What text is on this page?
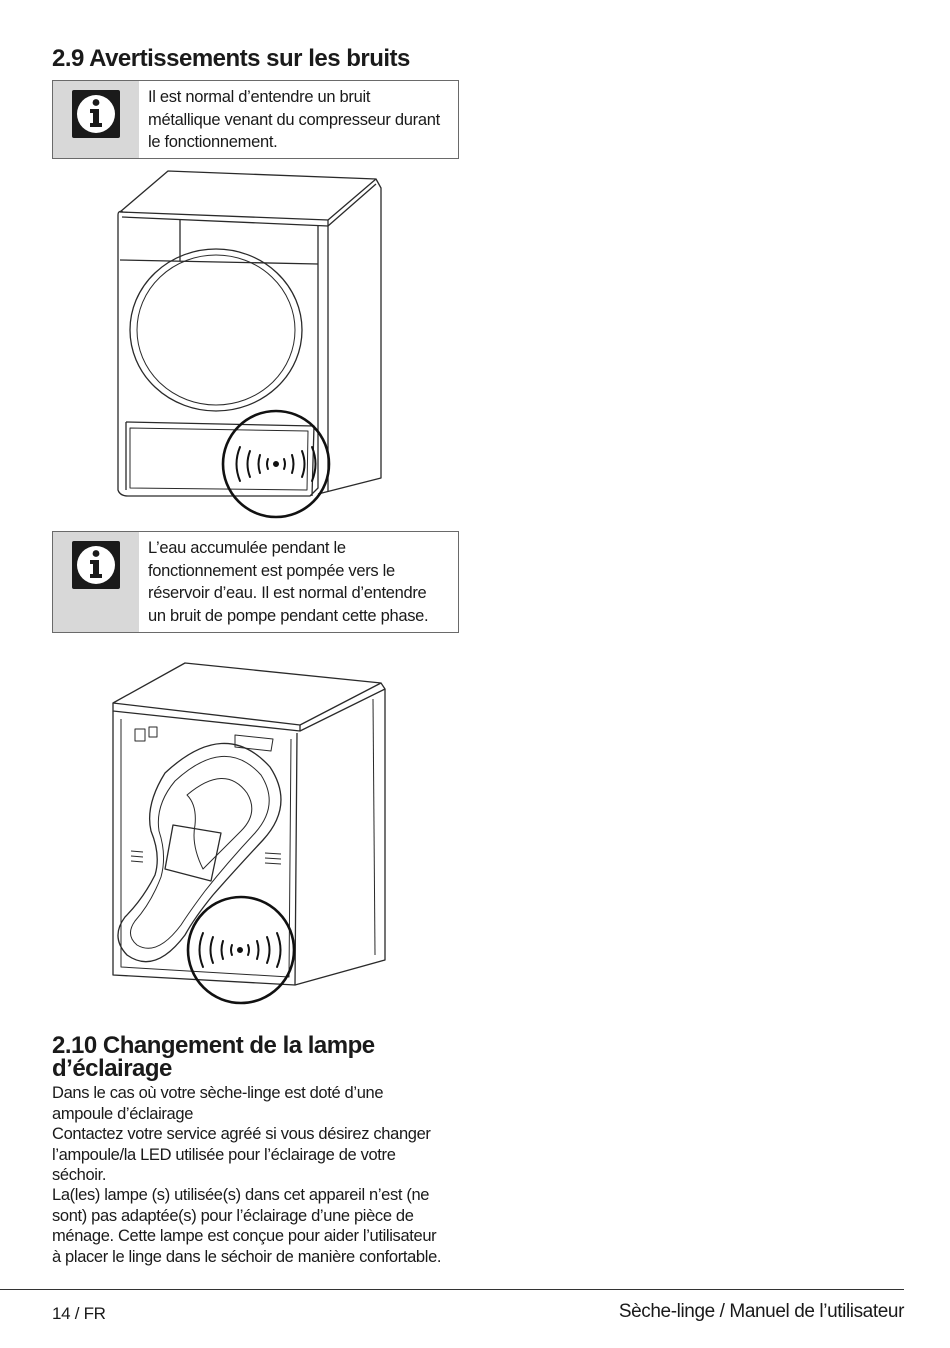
2.9 Avertissements sur les bruits
Il est normal d’entendre un bruit
métallique venant du compresseur durant
le fonctionnement.
L’eau accumulée pendant le
fonctionnement est pompée vers le
réservoir d’eau. Il est normal d’entendre
un bruit de pompe pendant cette phase.
2.10 Changement de la lampe
d’éclairage
Dans le cas où votre sèche-linge est doté d’une
ampoule d’éclairage
Contactez votre service agréé si vous désirez changer
l’ampoule/la LED utilisée pour l’éclairage de votre
séchoir.
La(les) lampe (s) utilisée(s) dans cet appareil n’est (ne
sont) pas adaptée(s) pour l’éclairage d’une pièce de
ménage. Cette lampe est conçue pour aider l’utilisateur
à placer le linge dans le séchoir de manière confortable.
14 / FR	Sèche-linge / Manuel de l’utilisateur
